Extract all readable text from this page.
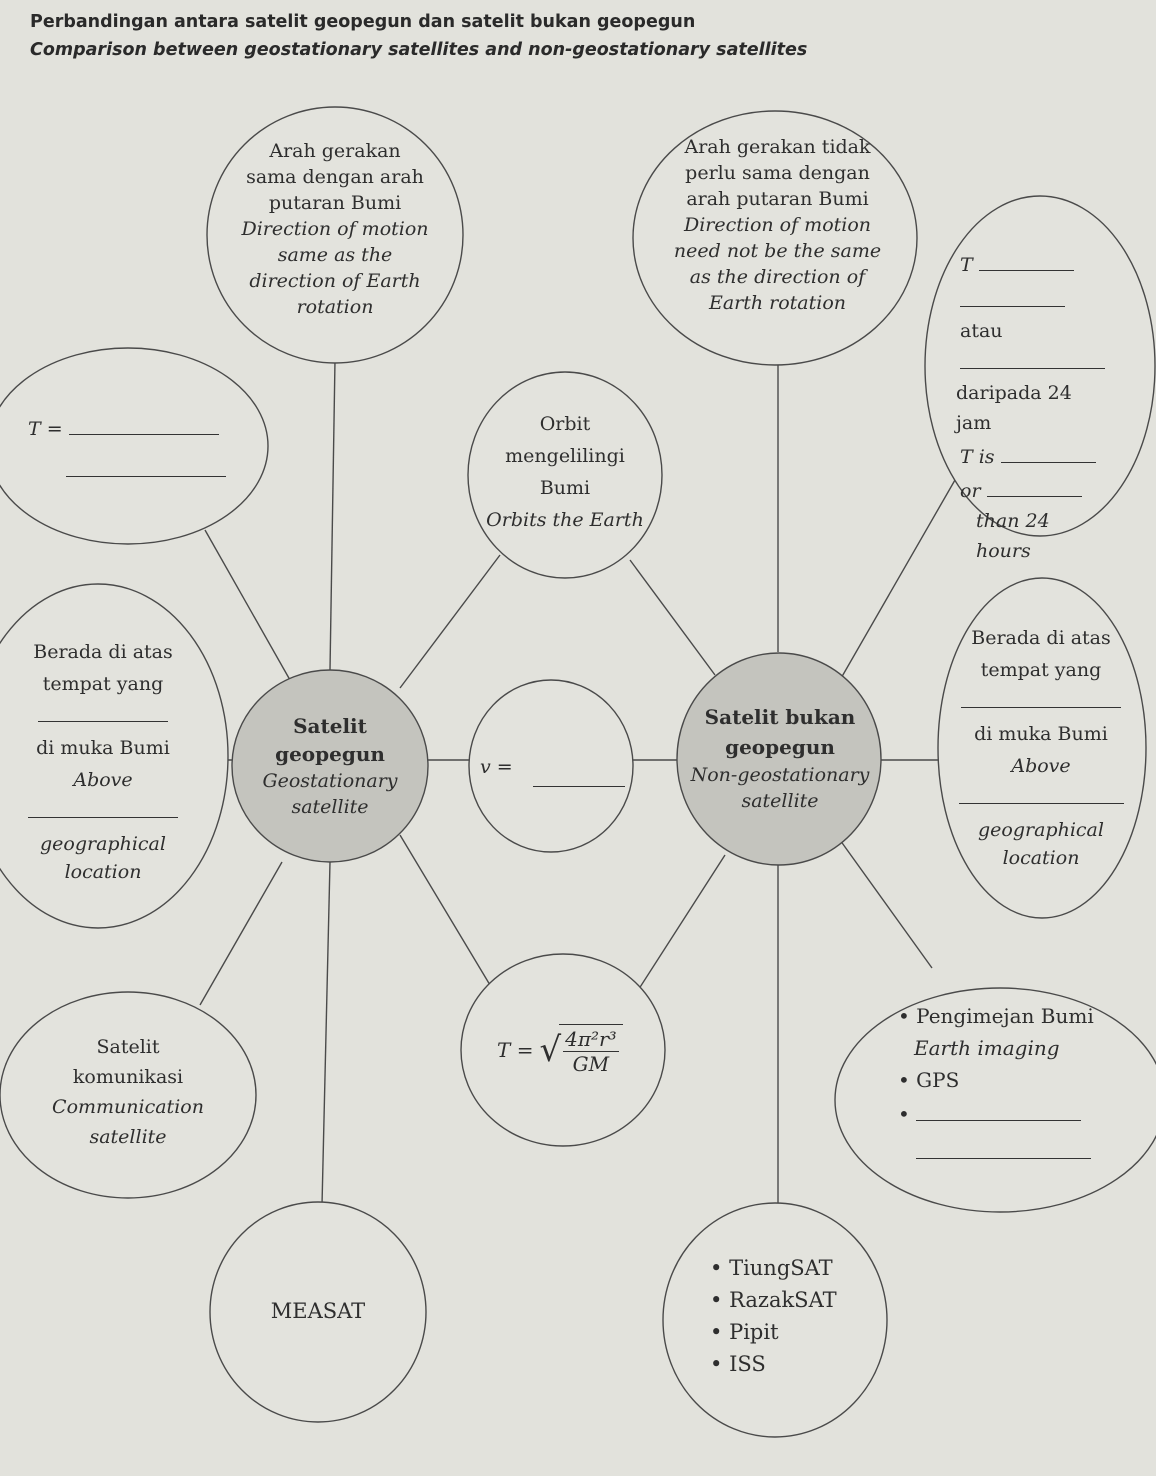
Perbandingan antara satelit geopegun dan satelit bukan geopegun
Comparison between geostationary satellites and non-geostationary satellites
Arah gerakan
sama dengan arah
putaran Bumi
Direction of motion
same as the
direction of Earth
rotation
Arah gerakan tidak
perlu sama dengan
arah putaran Bumi
Direction of motion
need not be the same
as the direction of
Earth rotation
T
atau
daripada 24 jam
T is
or
than 24 hours
T =	Orbit
mengelilingi
Bumi
Orbits the Earth
Berada di atas
tempat yang
di muka Bumi
Above
geographical
location
Berada di atas
tempat yang
di muka Bumi
Above
geographical
location
Satelit
geopegun
Geostationary
satellite
Satelit bukan
geopegun
Non-geostationary
satellite
v =
T = √
$\frac{\text{4π²r³}}{GM}$
Satelit
komunikasi
Communication
satellite
• Pengimejan Bumi
Earth imaging
• GPS
•
MEASAT
• TiungSAT
• RazakSAT
• Pipit
• ISS
